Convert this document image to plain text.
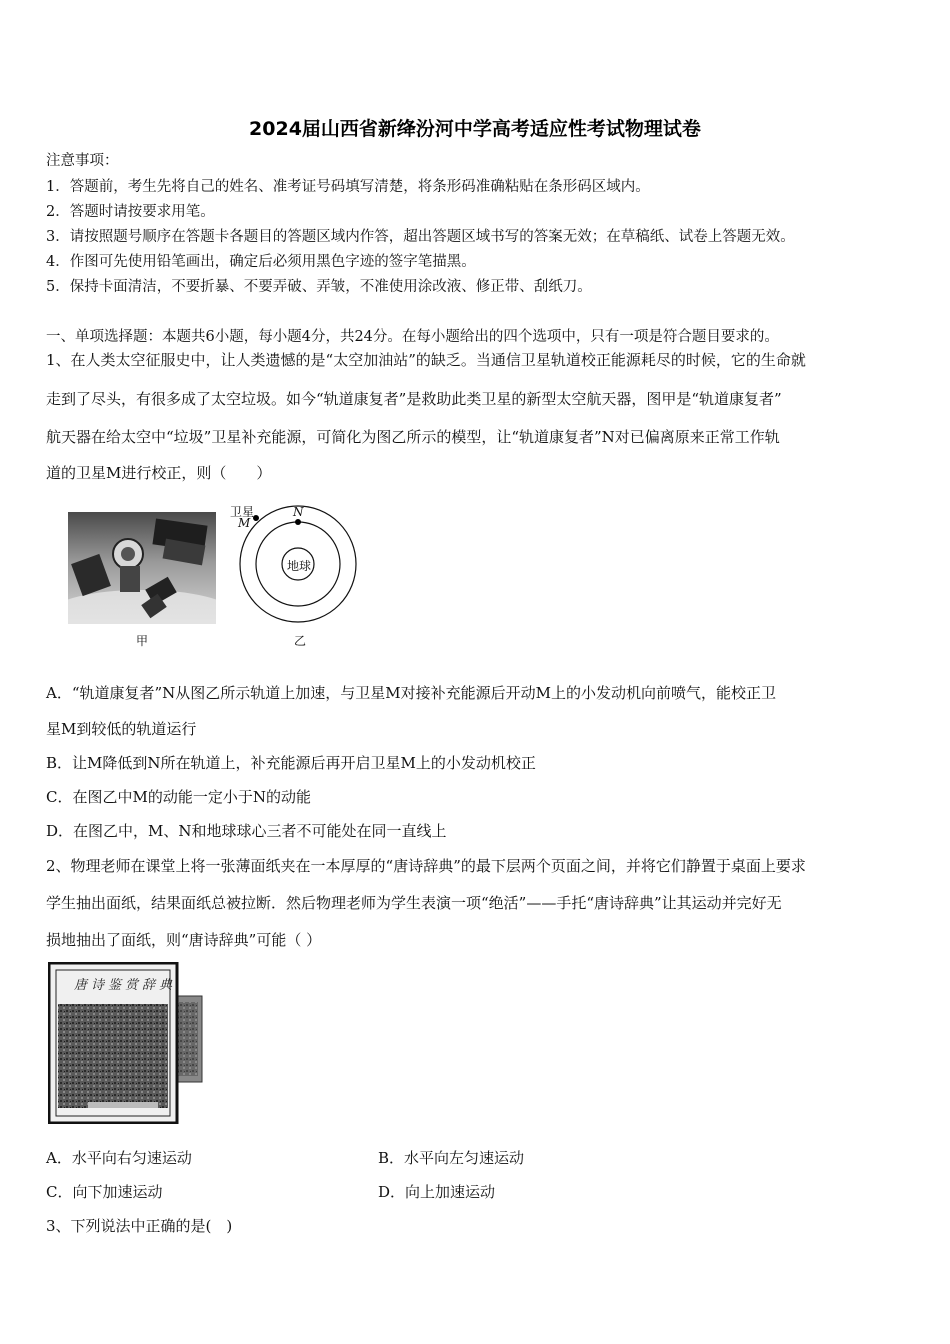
2024届山西省新绛汾河中学高考适应性考试物理试卷
注意事项：
1．答题前，考生先将自己的姓名、准考证号码填写清楚，将条形码准确粘贴在条形码区域内。
2．答题时请按要求用笔。
3．请按照题号顺序在答题卡各题目的答题区域内作答，超出答题区域书写的答案无效；在草稿纸、试卷上答题无效。
4．作图可先使用铅笔画出，确定后必须用黑色字迹的签字笔描黑。
5．保持卡面清洁，不要折暴、不要弄破、弄皱，不准使用涂改液、修正带、刮纸刀。
一、单项选择题：本题共6小题，每小题4分，共24分。在每小题给出的四个选项中，只有一项是符合题目要求的。
1、在人类太空征服史中，让人类遗憾的是“太空加油站”的缺乏。当通信卫星轨道校正能源耗尽的时候，它的生命就
走到了尽头，有很多成了太空垃圾。如今“轨道康复者”是救助此类卫星的新型太空航天器，图甲是“轨道康复者”
航天器在给太空中“垃圾”卫星补充能源，可简化为图乙所示的模型，让“轨道康复者”N对已偏离原来正常工作轨
道的卫星M进行校正，则（　　）
甲
卫星
M
N
地球
乙
A．“轨道康复者”N从图乙所示轨道上加速，与卫星M对接补充能源后开动M上的小发动机向前喷气，能校正卫
星M到较低的轨道运行
B．让M降低到N所在轨道上，补充能源后再开启卫星M上的小发动机校正
C．在图乙中M的动能一定小于N的动能
D．在图乙中，M、N和地球球心三者不可能处在同一直线上
2、物理老师在课堂上将一张薄面纸夹在一本厚厚的“唐诗辞典”的最下层两个页面之间，并将它们静置于桌面上要求
学生抽出面纸，结果面纸总被拉断．然后物理老师为学生表演一项“绝活”——手托“唐诗辞典”让其运动并完好无
损地抽出了面纸，则“唐诗辞典”可能（ ）
唐诗鉴赏辞典
A．水平向右匀速运动	B．水平向左匀速运动
C．向下加速运动	D．向上加速运动
3、下列说法中正确的是(　)
